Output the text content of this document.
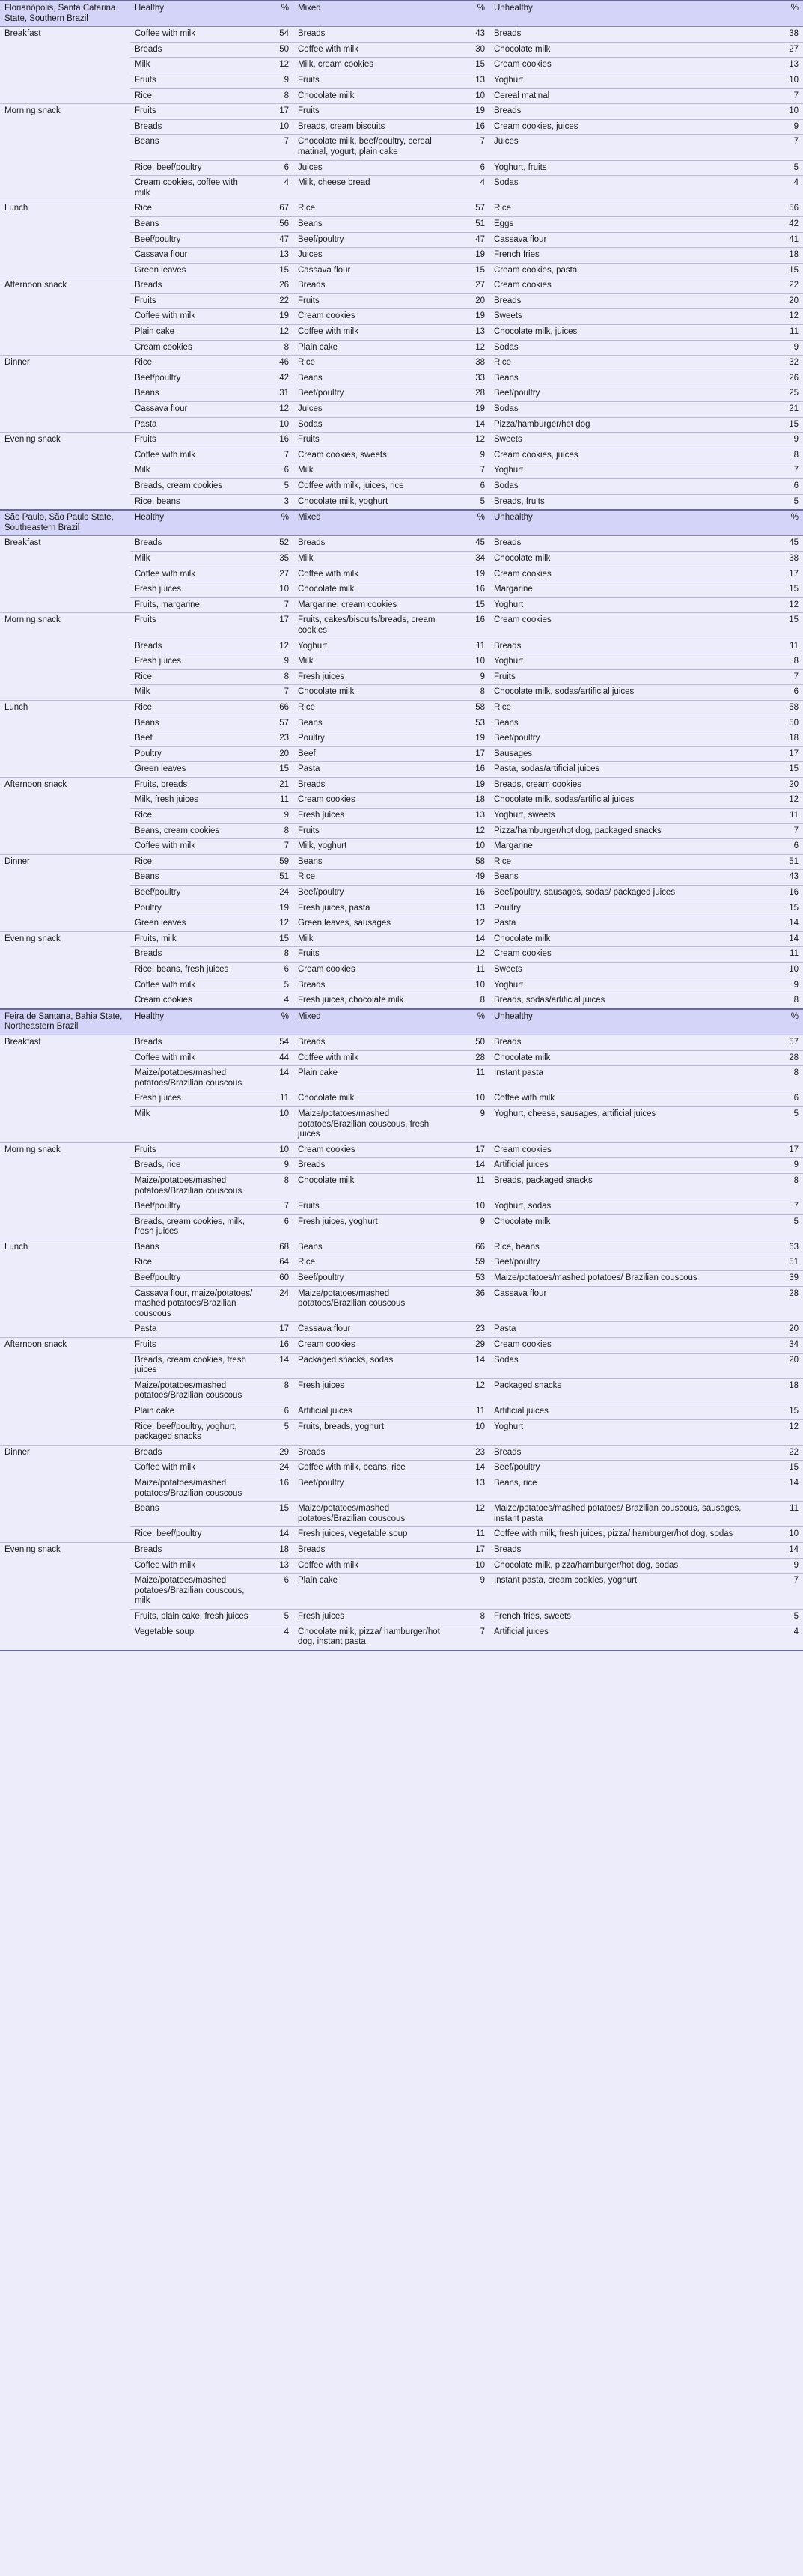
Florianópolis, Santa Catarina State, Southern Brazil	Healthy	%	Mixed	%	Unhealthy	%
Breakfast	Coffee with milk	54	Breads	43	Breads	38
	Breads	50	Coffee with milk	30	Chocolate milk	27
	Milk	12	Milk, cream cookies	15	Cream cookies	13
	Fruits	9	Fruits	13	Yoghurt	10
	Rice	8	Chocolate milk	10	Cereal matinal	7
Morning snack	Fruits	17	Fruits	19	Breads	10
	Breads	10	Breads, cream biscuits	16	Cream cookies, juices	9
	Beans	7	Chocolate milk, beef/poultry, cereal matinal, yogurt, plain cake	7	Juices	7
	Rice, beef/poultry	6	Juices	6	Yoghurt, fruits	5
	Cream cookies, coffee with milk	4	Milk, cheese bread	4	Sodas	4
Lunch	Rice	67	Rice	57	Rice	56
	Beans	56	Beans	51	Eggs	42
	Beef/poultry	47	Beef/poultry	47	Cassava flour	41
	Cassava flour	13	Juices	19	French fries	18
	Green leaves	15	Cassava flour	15	Cream cookies, pasta	15
Afternoon snack	Breads	26	Breads	27	Cream cookies	22
	Fruits	22	Fruits	20	Breads	20
	Coffee with milk	19	Cream cookies	19	Sweets	12
	Plain cake	12	Coffee with milk	13	Chocolate milk, juices	11
	Cream cookies	8	Plain cake	12	Sodas	9
Dinner	Rice	46	Rice	38	Rice	32
	Beef/poultry	42	Beans	33	Beans	26
	Beans	31	Beef/poultry	28	Beef/poultry	25
	Cassava flour	12	Juices	19	Sodas	21
	Pasta	10	Sodas	14	Pizza/hamburger/hot dog	15
Evening snack	Fruits	16	Fruits	12	Sweets	9
	Coffee with milk	7	Cream cookies, sweets	9	Cream cookies, juices	8
	Milk	6	Milk	7	Yoghurt	7
	Breads, cream cookies	5	Coffee with milk, juices, rice	6	Sodas	6
	Rice, beans	3	Chocolate milk, yoghurt	5	Breads, fruits	5
São Paulo, São Paulo State, Southeastern Brazil	Healthy	%	Mixed	%	Unhealthy	%
Breakfast	Breads	52	Breads	45	Breads	45
	Milk	35	Milk	34	Chocolate milk	38
	Coffee with milk	27	Coffee with milk	19	Cream cookies	17
	Fresh juices	10	Chocolate milk	16	Margarine	15
	Fruits, margarine	7	Margarine, cream cookies	15	Yoghurt	12
Morning snack	Fruits	17	Fruits, cakes/biscuits/breads, cream cookies	16	Cream cookies	15
	Breads	12	Yoghurt	11	Breads	11
	Fresh juices	9	Milk	10	Yoghurt	8
	Rice	8	Fresh juices	9	Fruits	7
	Milk	7	Chocolate milk	8	Chocolate milk, sodas/artificial juices	6
Lunch	Rice	66	Rice	58	Rice	58
	Beans	57	Beans	53	Beans	50
	Beef	23	Poultry	19	Beef/poultry	18
	Poultry	20	Beef	17	Sausages	17
	Green leaves	15	Pasta	16	Pasta, sodas/artificial juices	15
Afternoon snack	Fruits, breads	21	Breads	19	Breads, cream cookies	20
	Milk, fresh juices	11	Cream cookies	18	Chocolate milk, sodas/artificial juices	12
	Rice	9	Fresh juices	13	Yoghurt, sweets	11
	Beans, cream cookies	8	Fruits	12	Pizza/hamburger/hot dog, packaged snacks	7
	Coffee with milk	7	Milk, yoghurt	10	Margarine	6
Dinner	Rice	59	Beans	58	Rice	51
	Beans	51	Rice	49	Beans	43
	Beef/poultry	24	Beef/poultry	16	Beef/poultry, sausages, sodas/ packaged juices	16
	Poultry	19	Fresh juices, pasta	13	Poultry	15
	Green leaves	12	Green leaves, sausages	12	Pasta	14
Evening snack	Fruits, milk	15	Milk	14	Chocolate milk	14
	Breads	8	Fruits	12	Cream cookies	11
	Rice, beans, fresh juices	6	Cream cookies	11	Sweets	10
	Coffee with milk	5	Breads	10	Yoghurt	9
	Cream cookies	4	Fresh juices, chocolate milk	8	Breads, sodas/artificial juices	8
Feira de Santana, Bahia State, Northeastern Brazil	Healthy	%	Mixed	%	Unhealthy	%
Breakfast	Breads	54	Breads	50	Breads	57
	Coffee with milk	44	Coffee with milk	28	Chocolate milk	28
	Maize/potatoes/mashed potatoes/Brazilian couscous	14	Plain cake	11	Instant pasta	8
	Fresh juices	11	Chocolate milk	10	Coffee with milk	6
	Milk	10	Maize/potatoes/mashed potatoes/Brazilian couscous, fresh juices	9	Yoghurt, cheese, sausages, artificial juices	5
Morning snack	Fruits	10	Cream cookies	17	Cream cookies	17
	Breads, rice	9	Breads	14	Artificial juices	9
	Maize/potatoes/mashed potatoes/Brazilian couscous	8	Chocolate milk	11	Breads, packaged snacks	8
	Beef/poultry	7	Fruits	10	Yoghurt, sodas	7
	Breads, cream cookies, milk, fresh juices	6	Fresh juices, yoghurt	9	Chocolate milk	5
Lunch	Beans	68	Beans	66	Rice, beans	63
	Rice	64	Rice	59	Beef/poultry	51
	Beef/poultry	60	Beef/poultry	53	Maize/potatoes/mashed potatoes/ Brazilian couscous	39
	Cassava flour, maize/potatoes/ mashed potatoes/Brazilian couscous	24	Maize/potatoes/mashed potatoes/Brazilian couscous	36	Cassava flour	28
	Pasta	17	Cassava flour	23	Pasta	20
Afternoon snack	Fruits	16	Cream cookies	29	Cream cookies	34
	Breads, cream cookies, fresh juices	14	Packaged snacks, sodas	14	Sodas	20
	Maize/potatoes/mashed potatoes/Brazilian couscous	8	Fresh juices	12	Packaged snacks	18
	Plain cake	6	Artificial juices	11	Artificial juices	15
	Rice, beef/poultry, yoghurt, packaged snacks	5	Fruits, breads, yoghurt	10	Yoghurt	12
Dinner	Breads	29	Breads	23	Breads	22
	Coffee with milk	24	Coffee with milk, beans, rice	14	Beef/poultry	15
	Maize/potatoes/mashed potatoes/Brazilian couscous	16	Beef/poultry	13	Beans, rice	14
	Beans	15	Maize/potatoes/mashed potatoes/Brazilian couscous	12	Maize/potatoes/mashed potatoes/ Brazilian couscous, sausages, instant pasta	11
	Rice, beef/poultry	14	Fresh juices, vegetable soup	11	Coffee with milk, fresh juices, pizza/ hamburger/hot dog, sodas	10
Evening snack	Breads	18	Breads	17	Breads	14
	Coffee with milk	13	Coffee with milk	10	Chocolate milk, pizza/hamburger/hot dog, sodas	9
	Maize/potatoes/mashed potatoes/Brazilian couscous, milk	6	Plain cake	9	Instant pasta, cream cookies, yoghurt	7
	Fruits, plain cake, fresh juices	5	Fresh juices	8	French fries, sweets	5
	Vegetable soup	4	Chocolate milk, pizza/ hamburger/hot dog, instant pasta	7	Artificial juices	4
